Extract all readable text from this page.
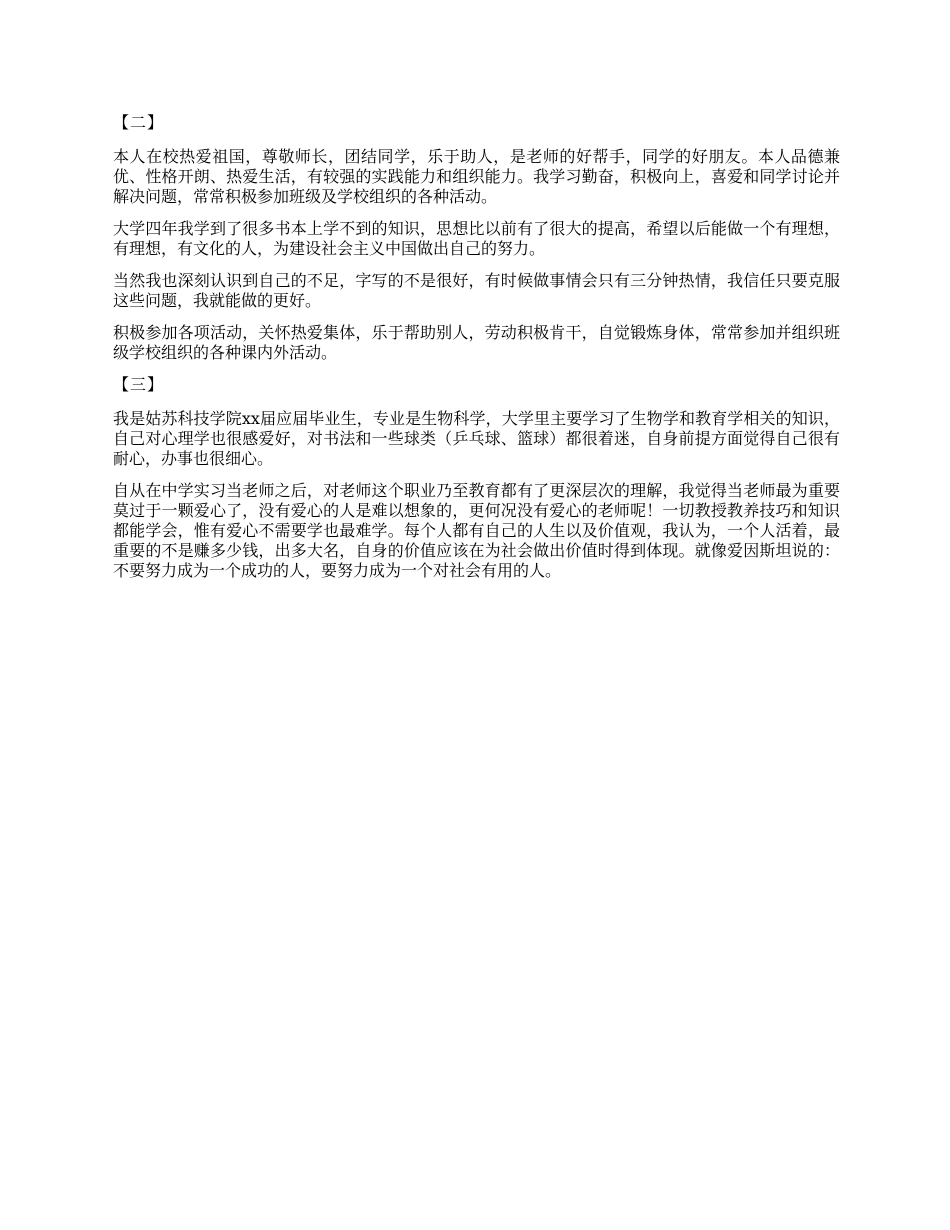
【二】

本人在校热爱祖国，尊敬师长，团结同学，乐于助人，是老师的好帮手，同学的好朋友。本人品德兼优、性格开朗、热爱生活，有较强的实践能力和组织能力。我学习勤奋，积极向上，喜爱和同学讨论并解决问题，常常积极参加班级及学校组织的各种活动。

大学四年我学到了很多书本上学不到的知识，思想比以前有了很大的提高，希望以后能做一个有理想，有理想，有文化的人，为建设社会主义中国做出自己的努力。

当然我也深刻认识到自己的不足，字写的不是很好，有时候做事情会只有三分钟热情，我信任只要克服这些问题，我就能做的更好。

积极参加各项活动，关怀热爱集体，乐于帮助别人，劳动积极肯干，自觉锻炼身体，常常参加并组织班级学校组织的各种课内外活动。

【三】

我是姑苏科技学院xx届应届毕业生，专业是生物科学，大学里主要学习了生物学和教育学相关的知识，自己对心理学也很感爱好，对书法和一些球类（乒乓球、篮球）都很着迷，自身前提方面觉得自己很有耐心，办事也很细心。

自从在中学实习当老师之后，对老师这个职业乃至教育都有了更深层次的理解，我觉得当老师最为重要莫过于一颗爱心了，没有爱心的人是难以想象的，更何况没有爱心的老师呢！一切教授教养技巧和知识都能学会，惟有爱心不需要学也最难学。每个人都有自己的人生以及价值观，我认为，一个人活着，最重要的不是赚多少钱，出多大名，自身的价值应该在为社会做出价值时得到体现。就像爱因斯坦说的：不要努力成为一个成功的人，要努力成为一个对社会有用的人。
